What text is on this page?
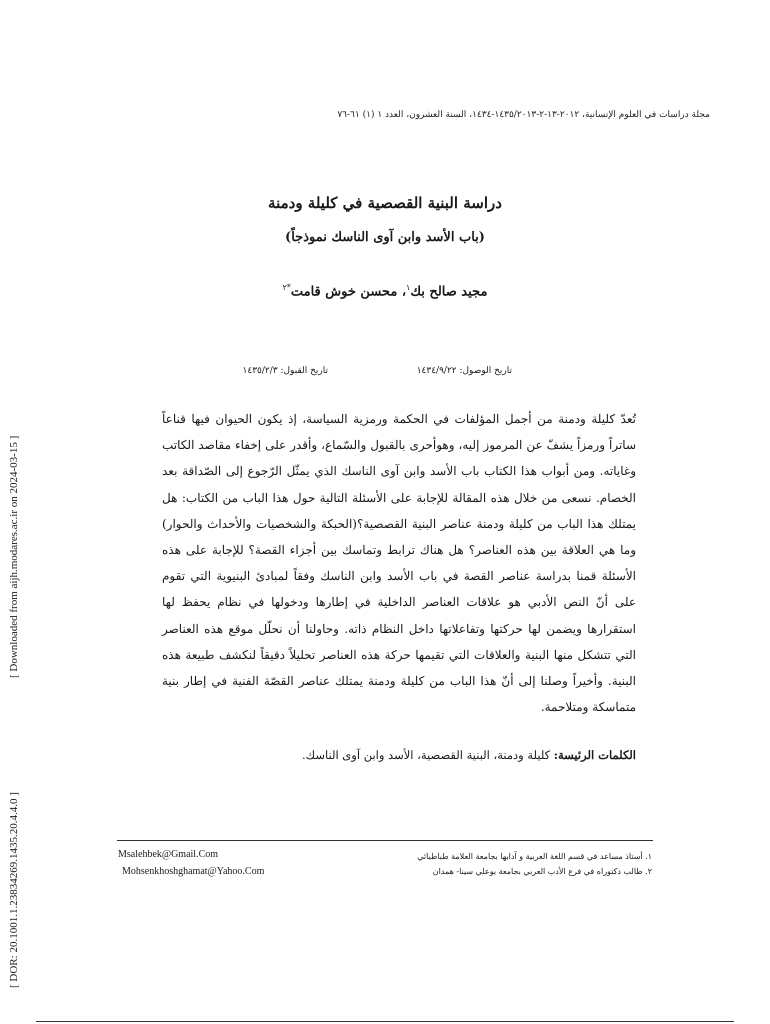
مجلة دراسات في العلوم الإنسانية، ٢٠١٢-١٣-٢-١٤٣٥/٢٠١٣-١٤٣٤، السنة العشرون، العدد ١ (١) ٦١-٧٦
دراسة البنية القصصية في كليلة ودمنة
(باب الأسد وابن آوى الناسك نموذجاً)
مجيد صالح بك$^١$، محسن خوش قامت$^{*٢}$
تاريخ الوصول: ١٤٣٤/٩/٢٢
تاريخ القبول: ١٤٣٥/٢/٣
تُعدّ كليلة ودمنة من أجمل المؤلفات في الحكمة ورمزية السياسة، إذ يكون الحيوان فيها قناعاً ساتراً ورمزاً يشفّ عن المرموز إليه، وهوأحرى بالقبول والسّماع، وأقدر على إخفاء مقاصد الكاتب وغاياته. ومن أبواب هذا الكتاب باب الأسد وابن آوى الناسك الذي يمثّل الرّجوع إلى الصّداقة بعد الخصام. نسعى من خلال هذه المقالة للإجابة على الأسئلة التالية حول هذا الباب من الكتاب: هل يمتلك هذا الباب من كليلة ودمنة عناصر البنية القصصية؟(الحبكة والشخصيات والأحداث والحوار) وما هي العلاقة بين هذه العناصر؟ هل هناك ترابط وتماسك بين أجزاء القصة؟ للإجابة على هذه الأسئلة قمنا بدراسة عناصر القصة في باب الأسد وابن الناسك وفقاً لمبادئ البنيوية التي تقوم على أنّ النص الأدبي هو علاقات العناصر الداخلية في إطارها ودخولها في نظام يحفظ لها استقرارها ويضمن لها حركتها وتفاعلاتها داخل النظام ذاته. وحاولنا أن نحلّل موقع هذه العناصر التي تتشكل منها البنية والعلاقات التي تقيمها حركة هذه العناصر تحليلاً دقيقاً لنكشف طبيعة هذه البنية. وأخيراً وصلنا إلى أنّ هذا الباب من كليلة ودمنة يمتلك عناصر القصّة الفنية في إطار بنية متماسكة ومتلاحمة.
الكلمات الرئيسة: كليلة ودمنة، البنية القصصية، الأسد وابن آوى الناسك.
١. أستاذ مساعد في قسم اللغة العربية و آدابها بجامعة العلامة طباطبائي
٢. طالب دكتوراه في فرع الأدب العربي بجامعة بوعلي سينا- همدان
Msalehbek@Gmail.Com
Mohsenkhoshghamat@Yahoo.Com
[ Downloaded from aijh.modares.ac.ir on 2024-03-15 ]
[ DOR: 20.1001.1.23834269.1435.20.4.4.0 ]
